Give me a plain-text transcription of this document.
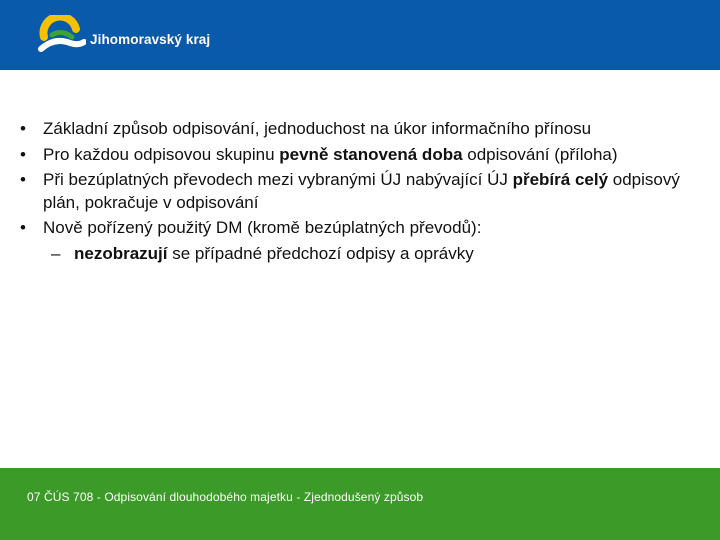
Jihomoravský kraj
•	Základní způsob odpisování, jednoduchost na úkor informačního přínosu
•	Pro každou odpisovou skupinu pevně stanovená doba odpisování (příloha)
•	Při bezúplatných převodech mezi vybranými ÚJ nabývající ÚJ přebírá celý odpisový plán, pokračuje v odpisování
•	Nově pořízený použitý DM (kromě bezúplatných převodů):
– nezobrazují se případné předchozí odpisy a oprávky
07 ČÚS 708 - Odpisování dlouhodobého majetku - Zjednodušený způsob
